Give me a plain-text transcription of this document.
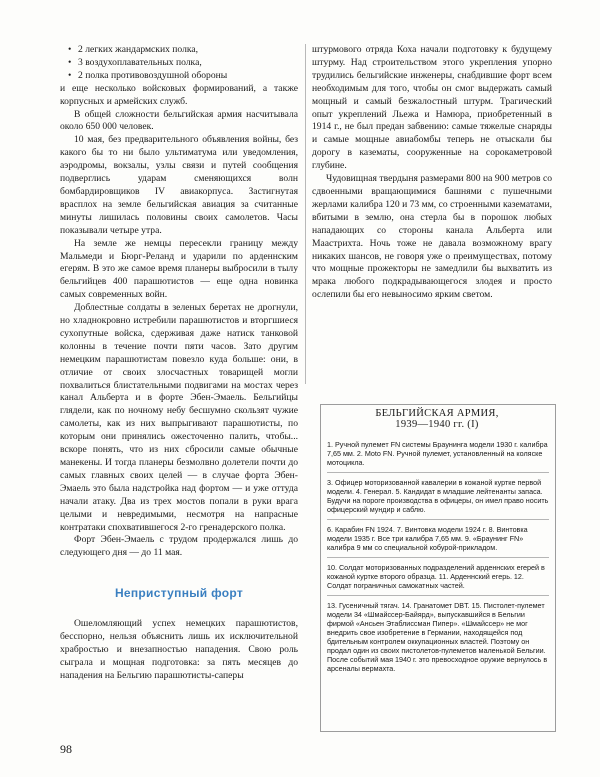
• 2 легких жандармских полка,
• 3 воздухоплавательных полка,
• 2 полка противовоздушной обороны

и еще несколько войсковых формирований, а также корпусных и армейских служб.

В общей сложности бельгийская армия насчитывала около 650 000 человек.

10 мая, без предварительного объявления войны, без какого бы то ни было ультиматума или уведомления, аэродромы, вокзалы, узлы связи и путей сообщения подверглись ударам сменяющихся волн бомбардировщиков IV авиакорпуса. Застигнутая врасплох на земле бельгийская авиация за считанные минуты лишилась половины своих самолетов. Часы показывали четыре утра.

На земле же немцы пересекли границу между Мальмеди и Бюрг-Реланд и ударили по арденнским егерям. В это же самое время планеры выбросили в тылу бельгийцев 400 парашютистов — еще одна новинка самых современных войн.

Доблестные солдаты в зеленых беретах не дрогнули, но хладнокровно истребили парашютистов и вторгшиеся сухопутные войска, сдерживая даже натиск танковой колонны в течение почти пяти часов. Зато другим немецким парашютистам повезло куда больше: они, в отличие от своих злосчастных товарищей могли похвалиться блистательными подвигами на мостах через канал Альберта и в форте Эбен-Эмаель. Бельгийцы глядели, как по ночному небу бесшумно скользят чужие самолеты, как из них выпрыгивают парашютисты, по которым они принялись ожесточенно палить, чтобы... вскоре понять, что из них сбросили самые обычные манекены. И тогда планеры безмолвно долетели почти до самых главных своих целей — в случае форта Эбен-Эмаель это была надстройка над фортом — и уже оттуда начали атаку. Два из трех мостов попали в руки врага целыми и невредимыми, несмотря на напрасные контратаки спохватившегося 2-го гренадерского полка.

Форт Эбен-Эмаель с трудом продержался лишь до следующего дня — до 11 мая.

Неприступный форт

Ошеломляющий успех немецких парашютистов, бесспорно, нельзя объяснить лишь их исключительной храбростью и внезапностью нападения. Свою роль сыграла и мощная подготовка: за пять месяцев до нападения на Бельгию парашютисты-саперы

штурмового отряда Коха начали подготовку к будущему штурму. Над строительством этого укрепления упорно трудились бельгийские инженеры, снабдившие форт всем необходимым для того, чтобы он смог выдержать самый мощный и самый безжалостный штурм. Трагический опыт укреплений Льежа и Намюра, приобретенный в 1914 г., не был предан забвению: самые тяжелые снаряды и самые мощные авиабомбы теперь не отыскали бы дорогу в казематы, сооруженные на сорокаметровой глубине.

Чудовищная твердыня размерами 800 на 900 метров со сдвоенными вращающимися башнями с пушечными жерлами калибра 120 и 73 мм, со строенными казематами, вбитыми в землю, она стерла бы в порошок любых нападающих со стороны канала Альберта или Маастрихта. Ночь тоже не давала возможному врагу никаких шансов, не говоря уже о преимуществах, потому что мощные прожекторы не замедлили бы выхватить из мрака любого подкрадывающегося злодея и просто ослепили бы его невыносимо ярким светом.

БЕЛЬГИЙСКАЯ АРМИЯ,
1939—1940 гг. (I)
1. Ручной пулемет FN системы Браунинга модели 1930 г. калибра 7,65 мм. 2. Moto FN. Ручной пулемет, установленный на коляске мотоцикла.
3. Офицер моторизованной кавалерии в кожаной куртке первой модели. 4. Генерал. 5. Кандидат в младшие лейтенанты запаса. Будучи на пороге производства в офицеры, он имел право носить офицерский мундир и саблю.
6. Карабин FN 1924. 7. Винтовка модели 1924 г. 8. Винтовка модели 1935 г. Все три калибра 7,65 мм. 9. «Браунинг FN» калибра 9 мм со специальной кобурой-прикладом.
10. Солдат моторизованных подразделений арденнских егерей в кожаной куртке второго образца. 11. Арденнский егерь. 12. Солдат пограничных самокатных частей.
13. Гусеничный тягач. 14. Гранатомет DBT. 15. Пистолет-пулемет модели 34 «Шмайссер-Байярд», выпускавшийся в Бельгии фирмой «Ансьен Этаблиссман Пипер». «Шмайссер» не мог внедрить свое изобретение в Германии, находящейся под бдительным контролем оккупационных властей. Поэтому он продал один из своих пистолетов-пулеметов маленькой Бельгии. После событий мая 1940 г. это превосходное оружие вернулось в арсеналы вермахта.
98
